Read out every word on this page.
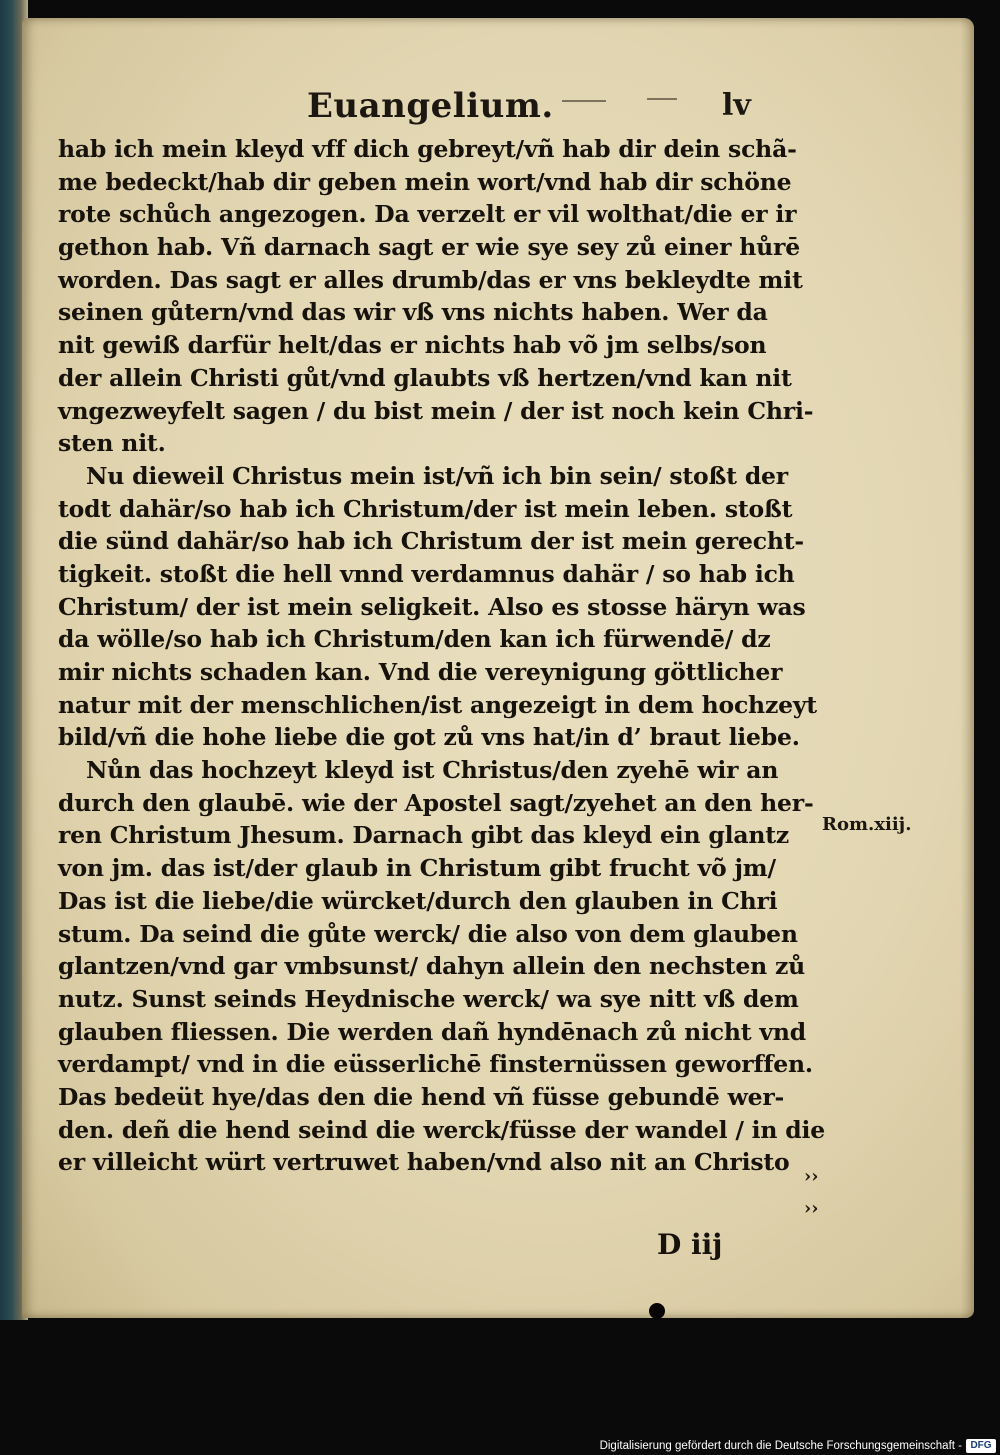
Euangelium.	lv
hab ich mein kleyd vff dich gebreyt/vñ hab dir dein schã‑
me bedeckt/hab dir geben mein wort/vnd hab dir schöne
rote schůch angezogen. Da verzelt er vil wolthat/die er ir
gethon hab. Vñ darnach sagt er wie sye sey zů einer hůrē
worden. Das sagt er alles drumb/das er vns bekleydte mit
seinen gůtern/vnd das wir vß vns nichts haben. Wer da
nit gewiß darfür helt/das er nichts hab võ jm selbs/son
der allein Christi gůt/vnd glaubts vß hertzen/vnd kan nit
vngezweyfelt sagen / du bist mein / der ist noch kein Chri‑
sten nit.
Nu dieweil Christus mein ist/vñ ich bin sein/ stoßt der
todt dahär/so hab ich Christum/der ist mein leben. stoßt
die sünd dahär/so hab ich Christum der ist mein gerecht‑
tigkeit. stoßt die hell vnnd verdamnus dahär / so hab ich
Christum/ der ist mein seligkeit. Also es stosse häryn was
da wölle/so hab ich Christum/den kan ich fürwendē/ dz
mir nichts schaden kan. Vnd die vereynigung göttlicher
natur mit der menschlichen/ist angezeigt in dem hochzeyt
bild/vñ die hohe liebe die got zů vns hat/in d’ braut liebe.
Nůn das hochzeyt kleyd ist Christus/den zyehē wir an
durch den glaubē. wie der Apostel sagt/zyehet an den her‑
ren Christum Jhesum. Darnach gibt das kleyd ein glantz
von jm. das ist/der glaub in Christum gibt frucht võ jm/
Das ist die liebe/die würcket/durch den glauben in Chri
stum. Da seind die gůte werck/ die also von dem glauben
glantzen/vnd gar vmbsunst/ dahyn allein den nechsten zů
nutz. Sunst seinds Heydnische werck/ wa sye nitt vß dem
glauben fliessen. Die werden dañ hyndēnach zů nicht vnd
verdampt/ vnd in die eüsserlichē finsternüssen geworffen.
Das bedeüt hye/das den die hend vñ füsse gebundē wer‑
den. deñ die hend seind die werck/füsse der wandel / in die
er villeicht würt vertruwet haben/vnd also nit an Christo
Rom.xiij.
››
››
D iij
Digitalisierung gefördert durch die Deutsche Forschungsgemeinschaft - DFG
